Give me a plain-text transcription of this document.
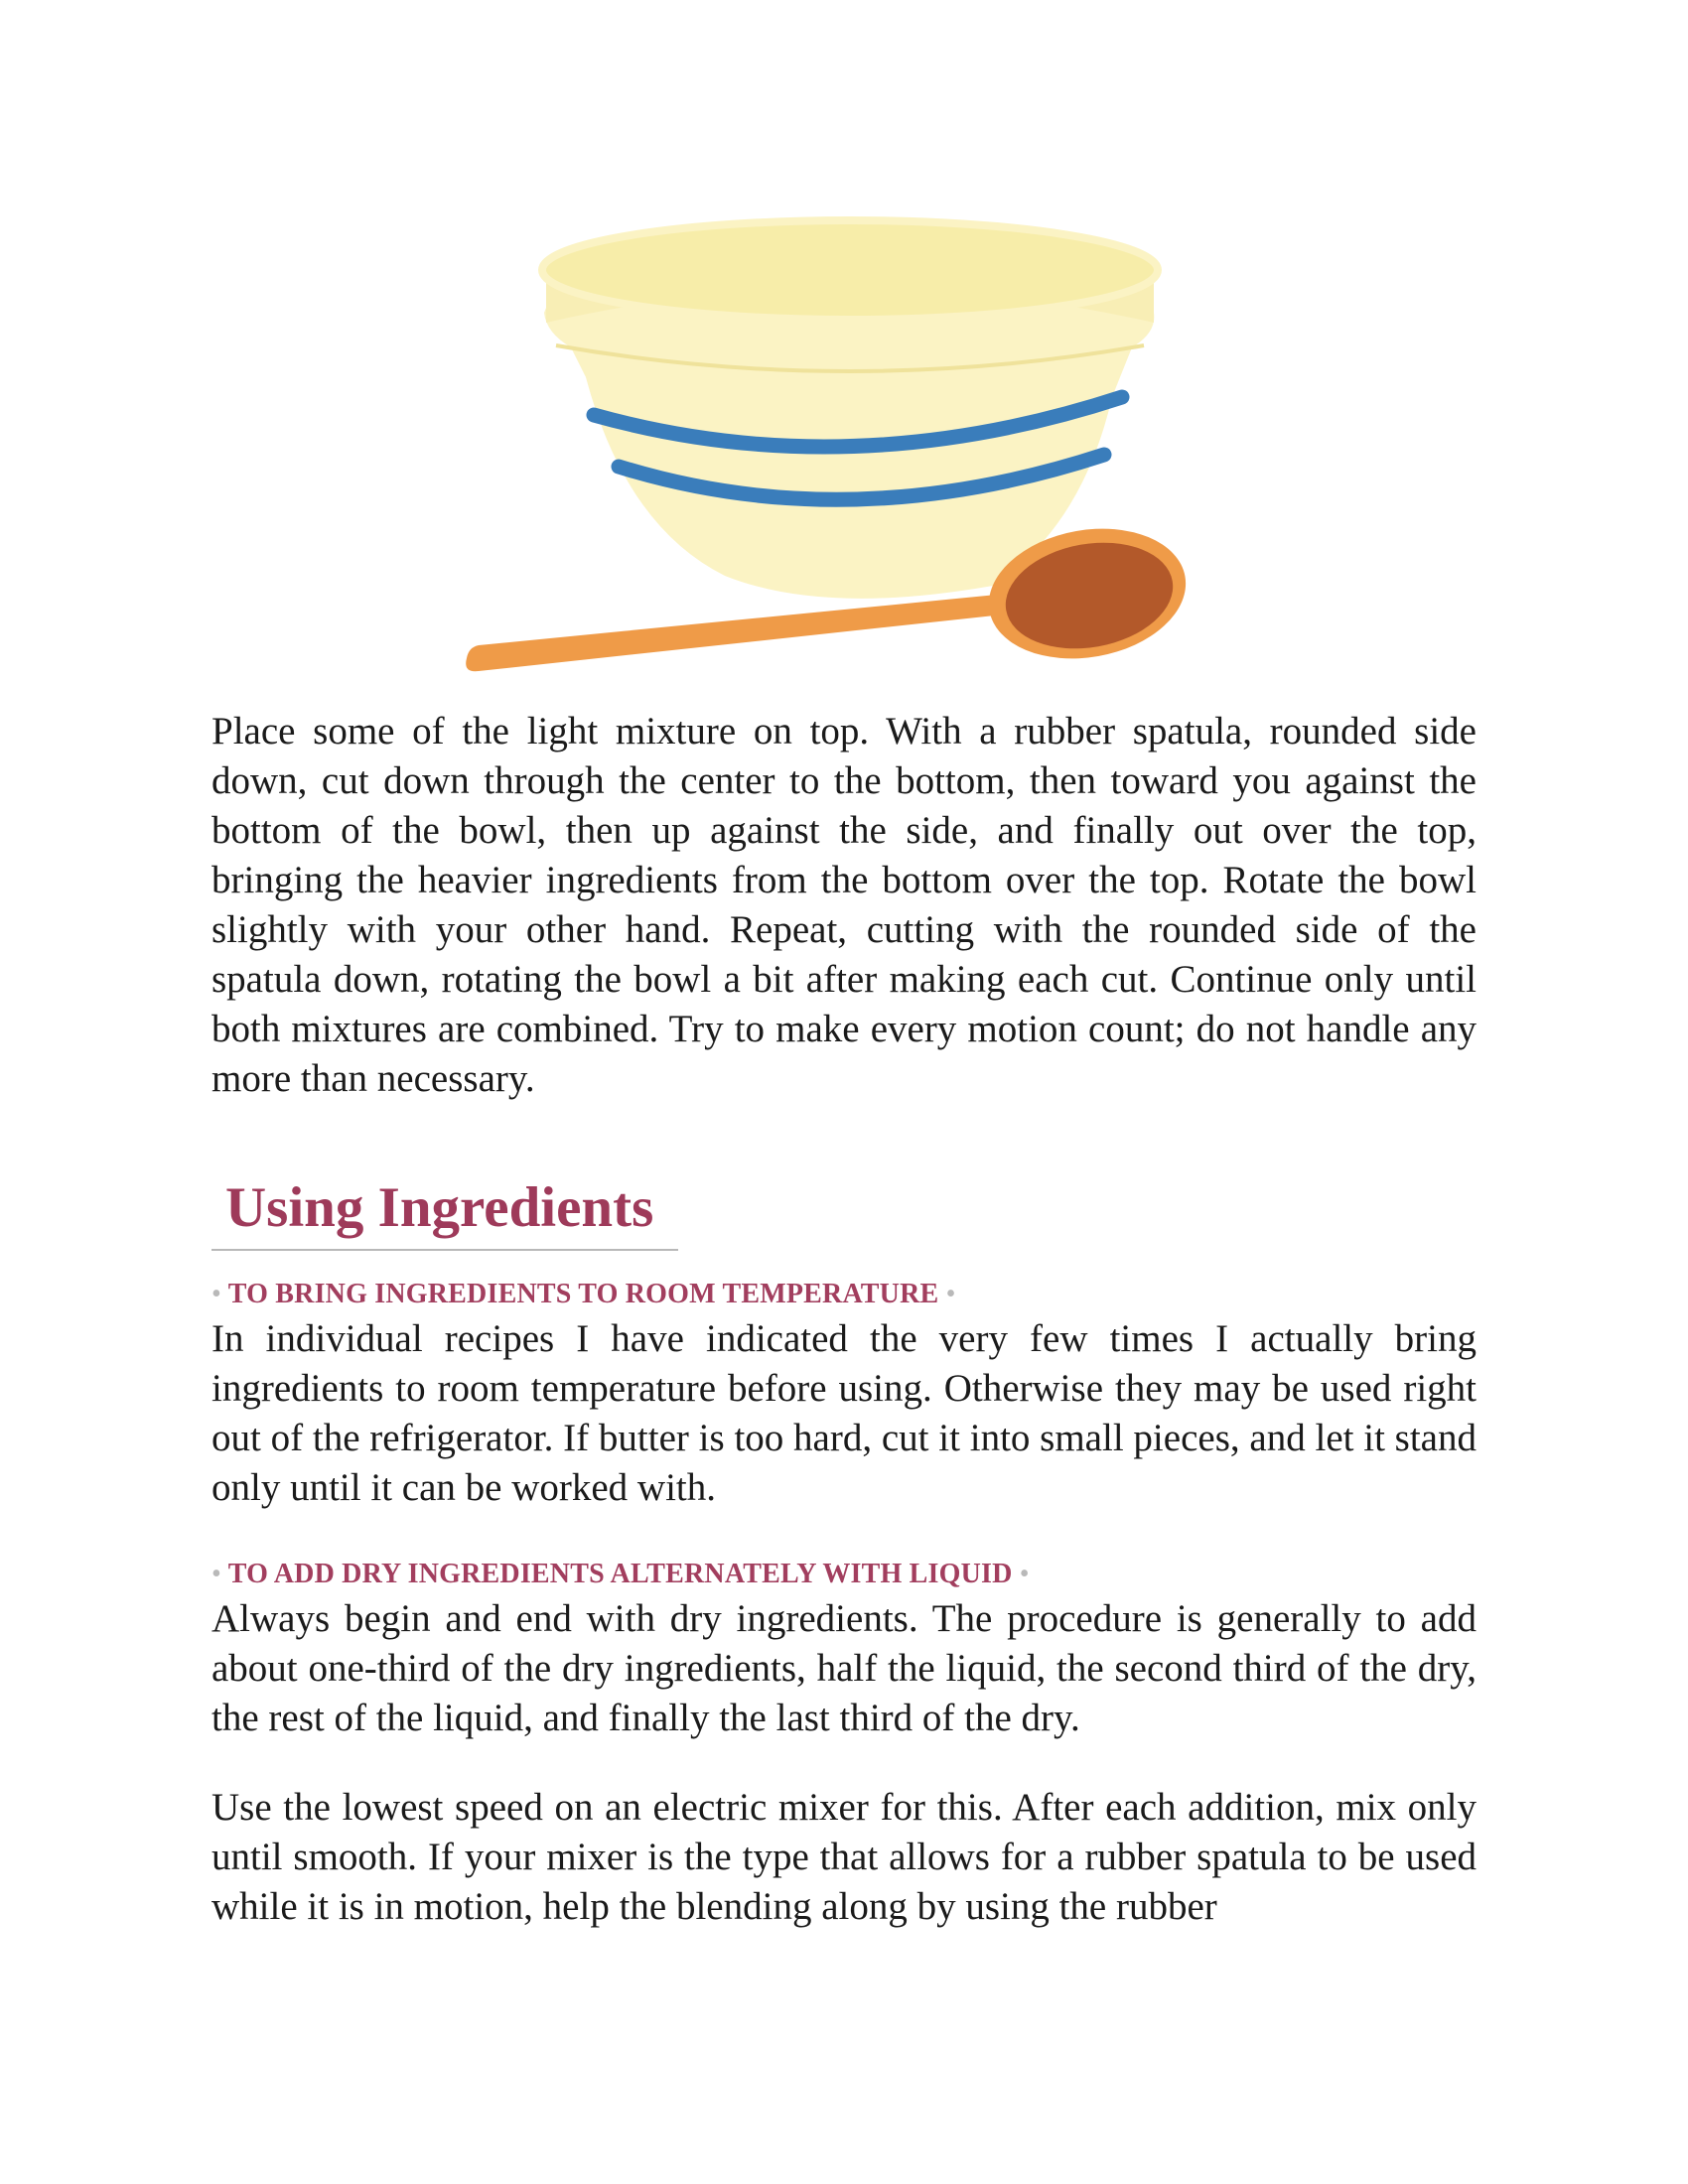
Place some of the light mixture on top. With a rubber spatula, rounded side down, cut down through the center to the bottom, then toward you against the bottom of the bowl, then up against the side, and finally out over the top, bringing the heavier ingredients from the bottom over the top. Rotate the bowl slightly with your other hand. Repeat, cutting with the rounded side of the spatula down, rotating the bowl a bit after making each cut. Continue only until both mixtures are combined. Try to make every motion count; do not handle any more than necessary.

Using Ingredients
• TO BRING INGREDIENTS TO ROOM TEMPERATURE •

In individual recipes I have indicated the very few times I actually bring ingredients to room temperature before using. Otherwise they may be used right out of the refrigerator. If butter is too hard, cut it into small pieces, and let it stand only until it can be worked with.

• TO ADD DRY INGREDIENTS ALTERNATELY WITH LIQUID •

Always begin and end with dry ingredients. The procedure is generally to add about one-third of the dry ingredients, half the liquid, the second third of the dry, the rest of the liquid, and finally the last third of the dry.

Use the lowest speed on an electric mixer for this. After each addition, mix only until smooth. If your mixer is the type that allows for a rubber spatula to be used while it is in motion, help the blending along by using the rubber
